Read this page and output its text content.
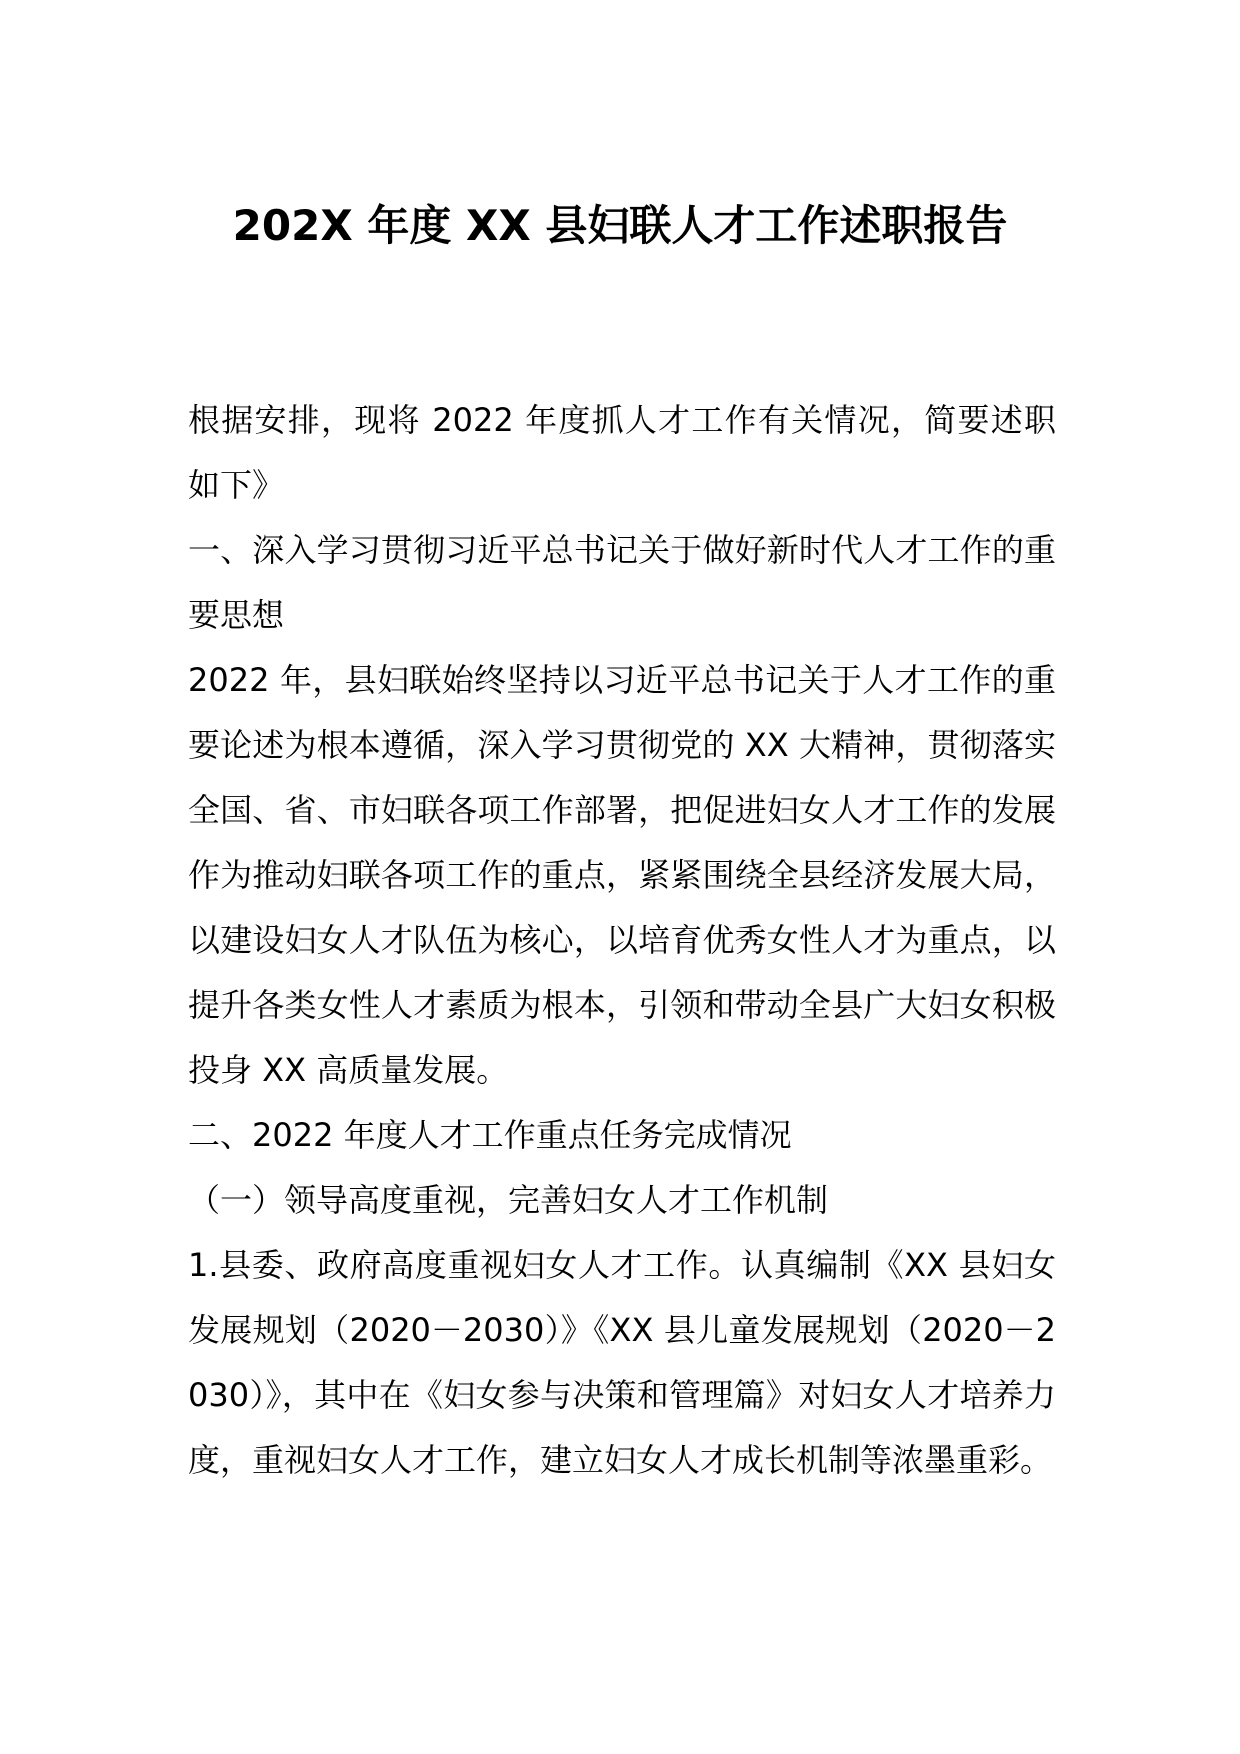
202X 年度 XX 县妇联人才工作述职报告

根据安排，现将 2022 年度抓人才工作有关情况，简要述职如下》

一、深入学习贯彻习近平总书记关于做好新时代人才工作的重要思想

2022 年，县妇联始终坚持以习近平总书记关于人才工作的重要论述为根本遵循，深入学习贯彻党的 XX 大精神，贯彻落实全国、省、市妇联各项工作部署，把促进妇女人才工作的发展作为推动妇联各项工作的重点，紧紧围绕全县经济发展大局，以建设妇女人才队伍为核心，以培育优秀女性人才为重点，以提升各类女性人才素质为根本，引领和带动全县广大妇女积极投身 XX 高质量发展。

二、2022 年度人才工作重点任务完成情况

（一）领导高度重视，完善妇女人才工作机制

1.县委、政府高度重视妇女人才工作。认真编制《XX 县妇女发展规划（2020－2030）》《XX 县儿童发展规划（2020－2030）》，其中在《妇女参与决策和管理篇》对妇女人才培养力度，重视妇女人才工作，建立妇女人才成长机制等浓墨重彩。
